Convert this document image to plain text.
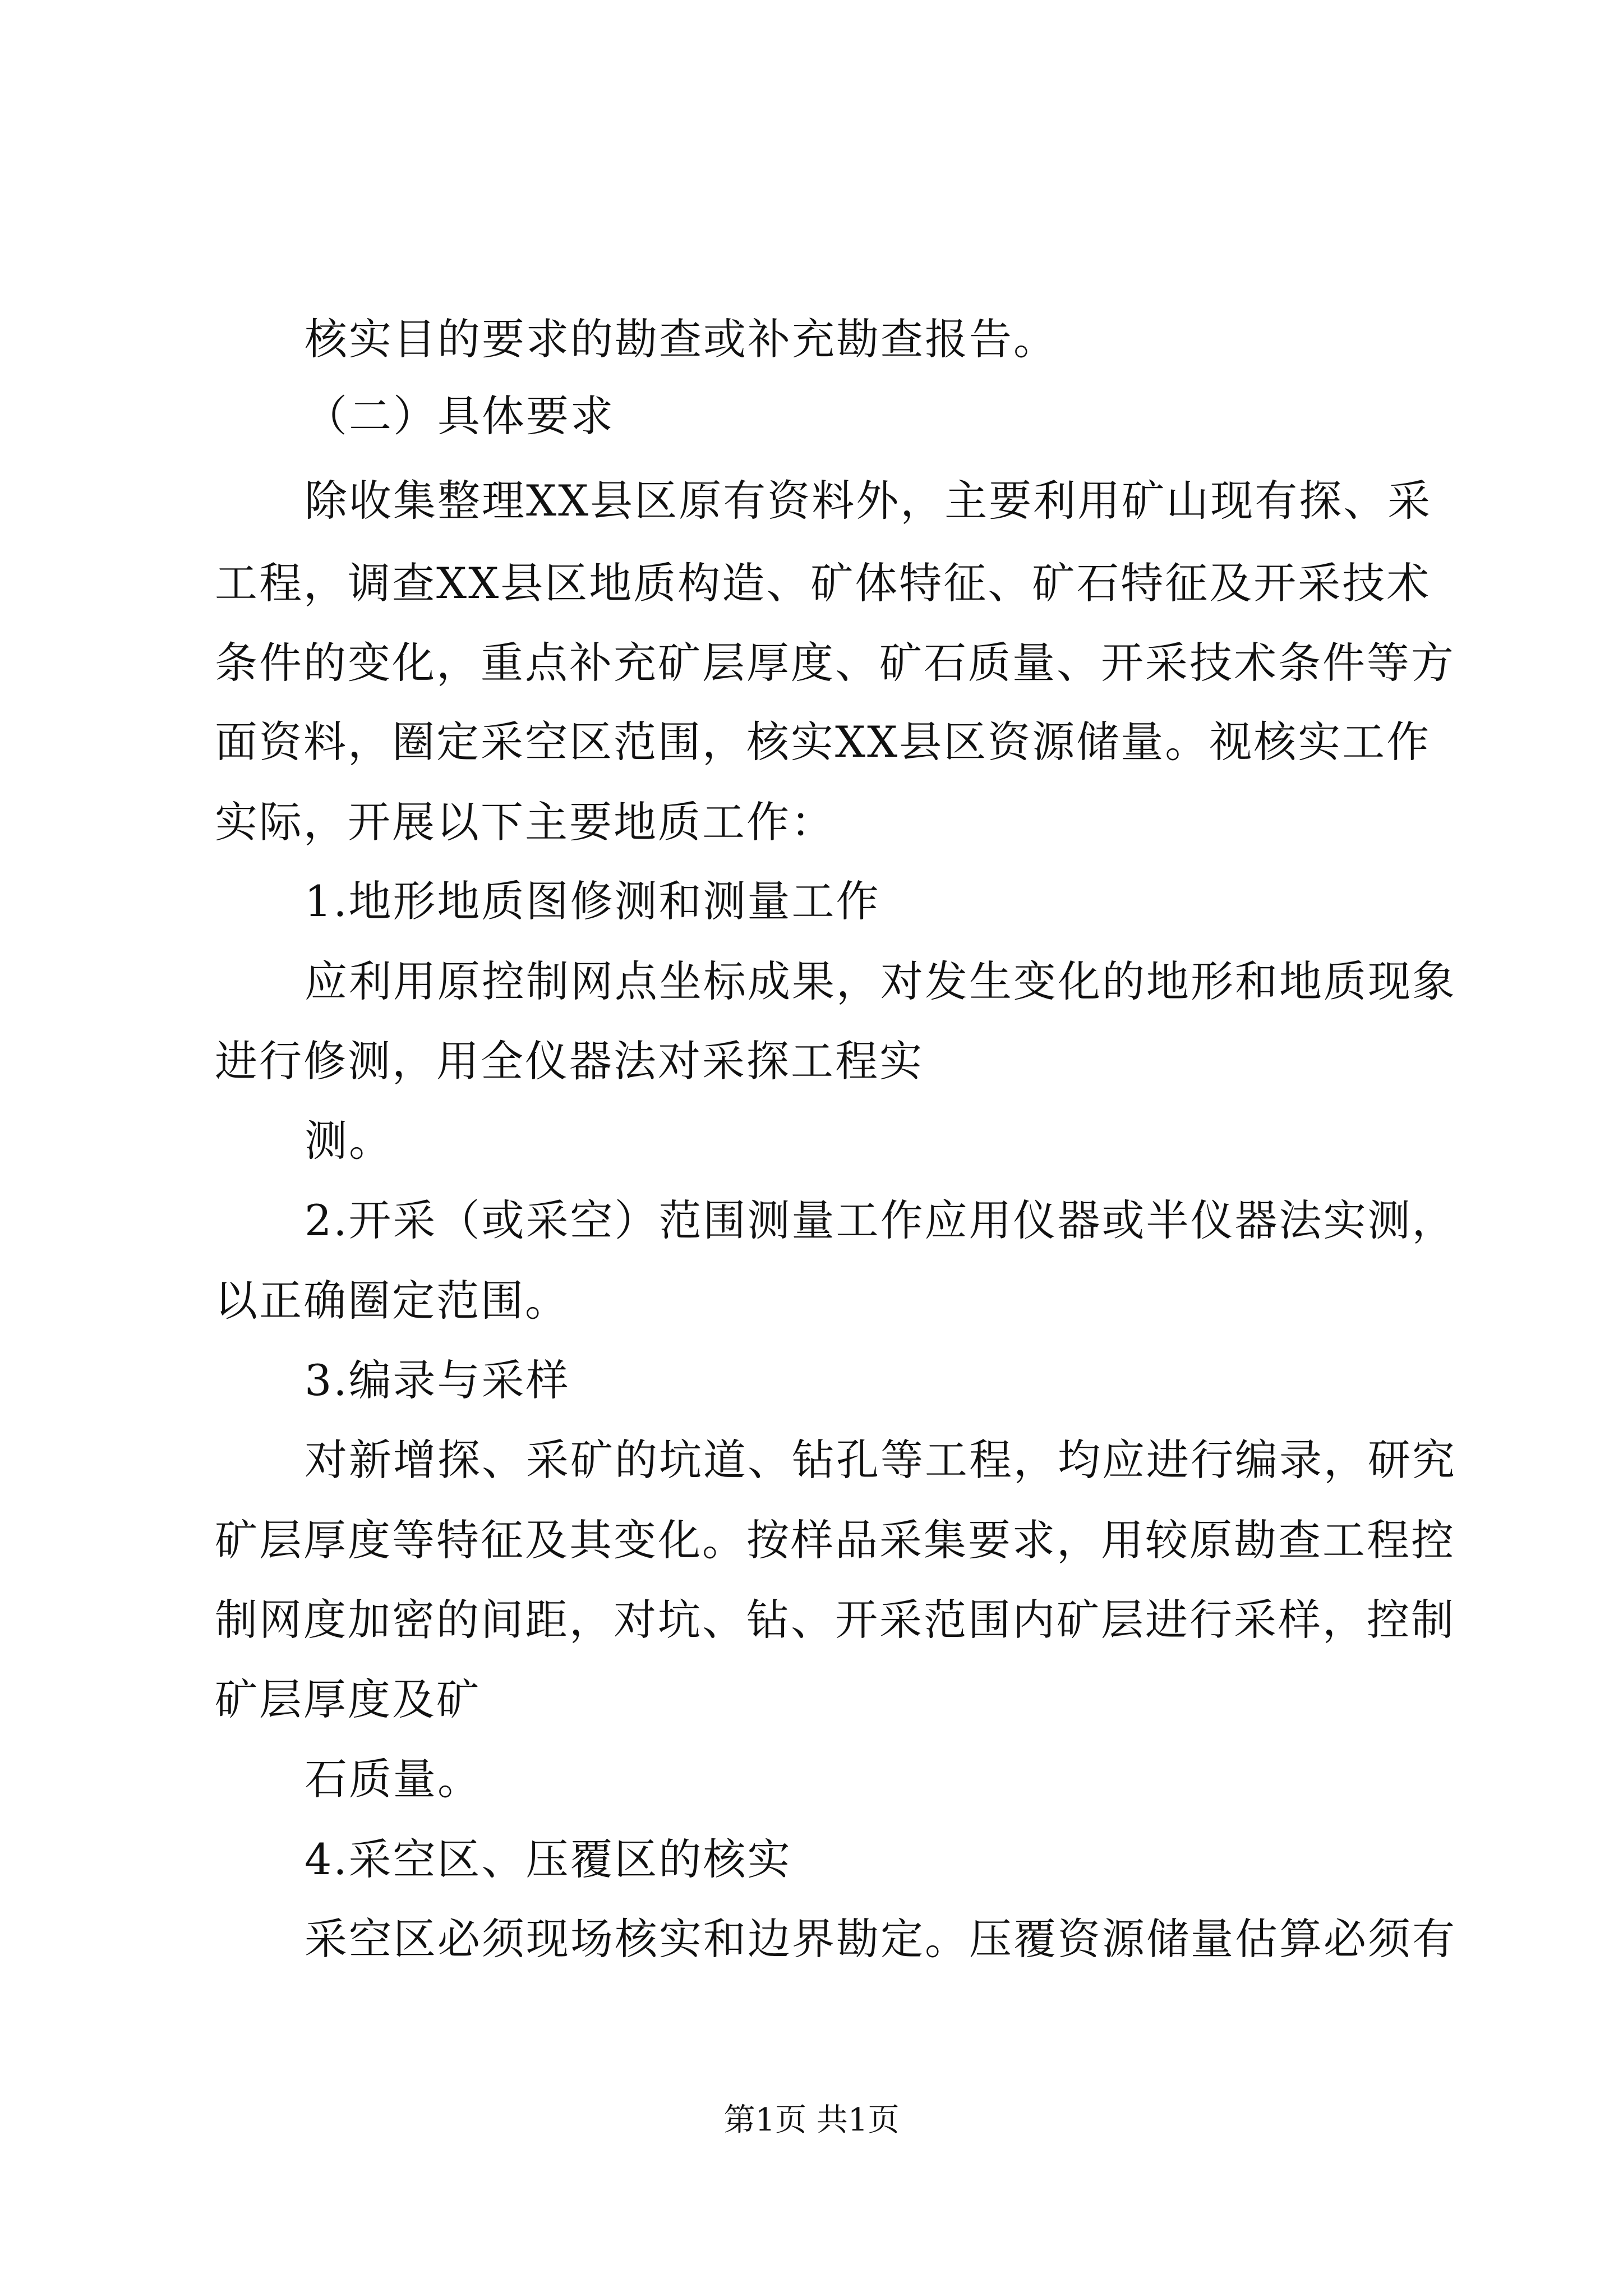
核实目的要求的勘查或补充勘查报告。
（二）具体要求
除收集整理XX县区原有资料外，主要利用矿山现有探、采
工程，调查XX县区地质构造、矿体特征、矿石特征及开采技术
条件的变化，重点补充矿层厚度、矿石质量、开采技术条件等方
面资料，圈定采空区范围，核实XX县区资源储量。视核实工作
实际，开展以下主要地质工作：
1.地形地质图修测和测量工作
应利用原控制网点坐标成果，对发生变化的地形和地质现象
进行修测，用全仪器法对采探工程实
测。
2.开采（或采空）范围测量工作应用仪器或半仪器法实测，
以正确圈定范围。
3.编录与采样
对新增探、采矿的坑道、钻孔等工程，均应进行编录，研究
矿层厚度等特征及其变化。按样品采集要求，用较原勘查工程控
制网度加密的间距，对坑、钻、开采范围内矿层进行采样，控制
矿层厚度及矿
石质量。
4.采空区、压覆区的核实
采空区必须现场核实和边界勘定。压覆资源储量估算必须有
第1页 共1页
